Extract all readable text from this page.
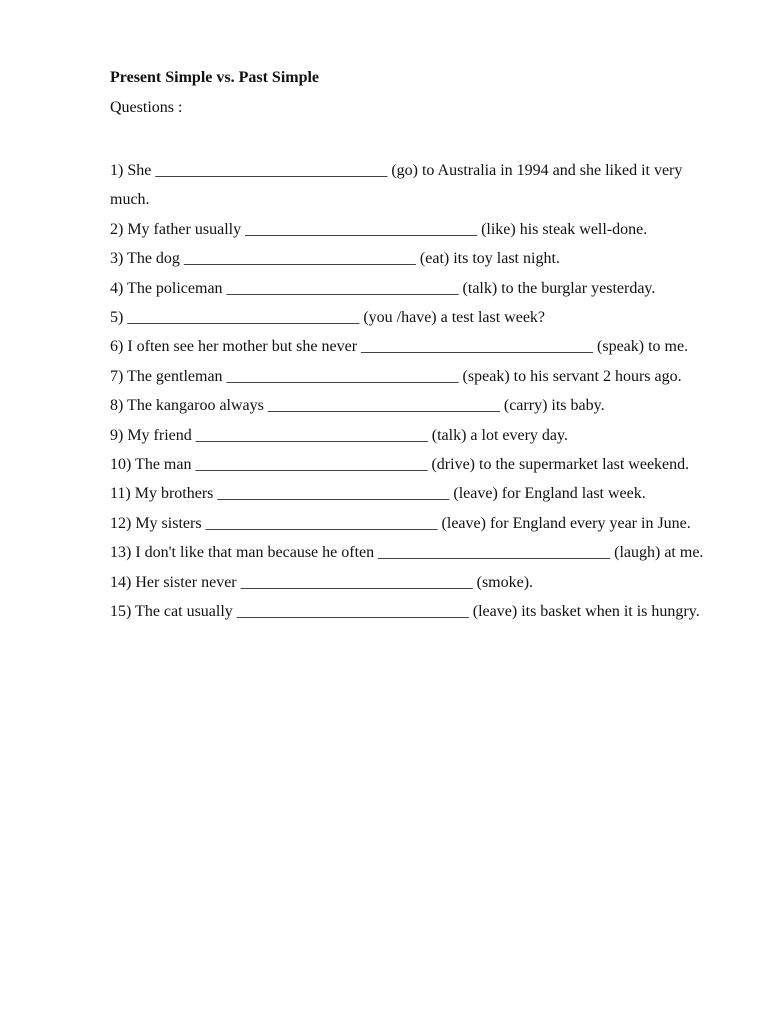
Present Simple vs. Past Simple
Questions :
1) She _____________________________ (go) to Australia in 1994 and she liked it very much.
2) My father usually _____________________________ (like) his steak well-done.
3) The dog _____________________________ (eat) its toy last night.
4) The policeman _____________________________ (talk) to the burglar yesterday.
5) _____________________________ (you /have) a test last week?
6) I often see her mother but she never _____________________________ (speak) to me.
7) The gentleman _____________________________ (speak) to his servant 2 hours ago.
8) The kangaroo always _____________________________ (carry) its baby.
9) My friend _____________________________ (talk) a lot every day.
10) The man _____________________________ (drive) to the supermarket last weekend.
11) My brothers _____________________________ (leave) for England last week.
12) My sisters _____________________________ (leave) for England every year in June.
13) I don't like that man because he often _____________________________ (laugh) at me.
14) Her sister never _____________________________ (smoke).
15) The cat usually _____________________________ (leave) its basket when it is hungry.
